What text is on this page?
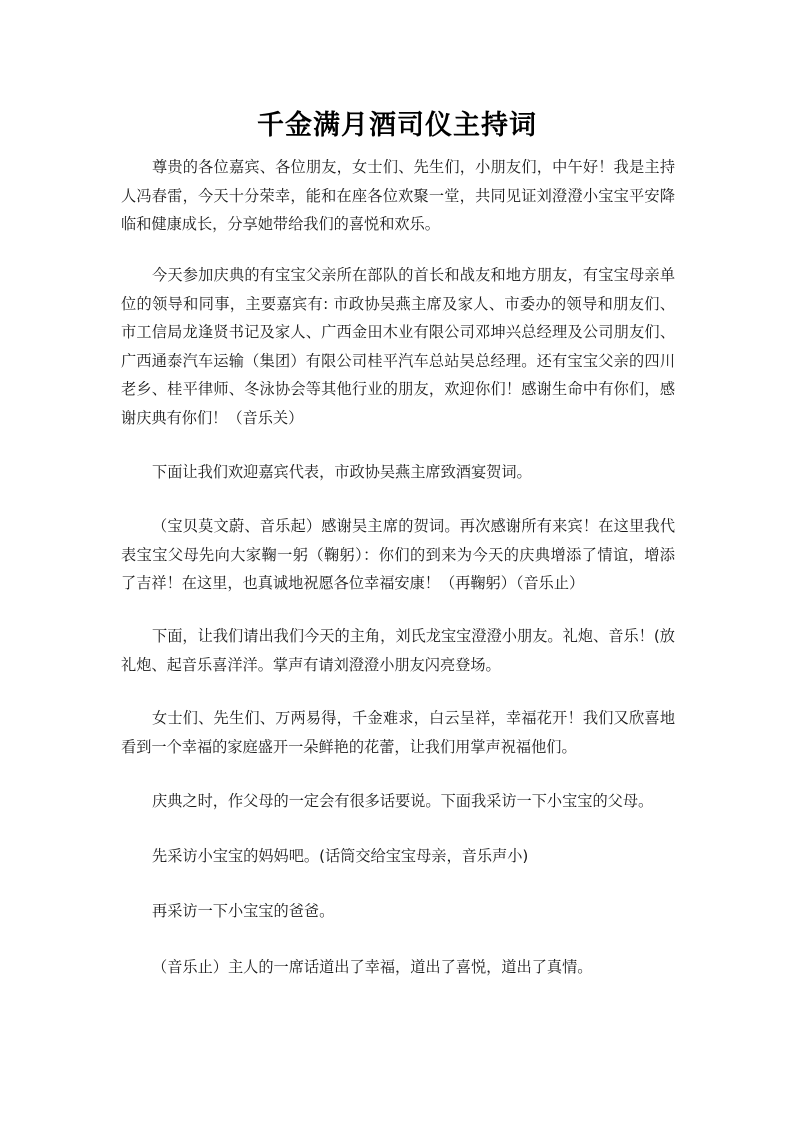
千金满月酒司仪主持词

尊贵的各位嘉宾、各位朋友，女士们、先生们，小朋友们，中午好！我是主持人冯春雷，今天十分荣幸，能和在座各位欢聚一堂，共同见证刘澄澄小宝宝平安降临和健康成长，分享她带给我们的喜悦和欢乐。

今天参加庆典的有宝宝父亲所在部队的首长和战友和地方朋友，有宝宝母亲单位的领导和同事，主要嘉宾有: 市政协吴燕主席及家人、市委办的领导和朋友们、市工信局龙逢贤书记及家人、广西金田木业有限公司邓坤兴总经理及公司朋友们、广西通泰汽车运输（集团）有限公司桂平汽车总站吴总经理。还有宝宝父亲的四川老乡、桂平律师、冬泳协会等其他行业的朋友，欢迎你们！感谢生命中有你们，感谢庆典有你们！（音乐关）

下面让我们欢迎嘉宾代表，市政协吴燕主席致酒宴贺词。

（宝贝莫文蔚、音乐起）感谢吴主席的贺词。再次感谢所有来宾！在这里我代表宝宝父母先向大家鞠一躬（鞠躬）：你们的到来为今天的庆典增添了情谊，增添了吉祥！在这里，也真诚地祝愿各位幸福安康！（再鞠躬）（音乐止）

下面，让我们请出我们今天的主角，刘氏龙宝宝澄澄小朋友。礼炮、音乐！(放礼炮、起音乐喜洋洋。掌声有请刘澄澄小朋友闪亮登场。

女士们、先生们、万两易得，千金难求，白云呈祥，幸福花开！我们又欣喜地看到一个幸福的家庭盛开一朵鲜艳的花蕾，让我们用掌声祝福他们。

庆典之时，作父母的一定会有很多话要说。下面我采访一下小宝宝的父母。

先采访小宝宝的妈妈吧。(话筒交给宝宝母亲，音乐声小)

再采访一下小宝宝的爸爸。

（音乐止）主人的一席话道出了幸福，道出了喜悦，道出了真情。
